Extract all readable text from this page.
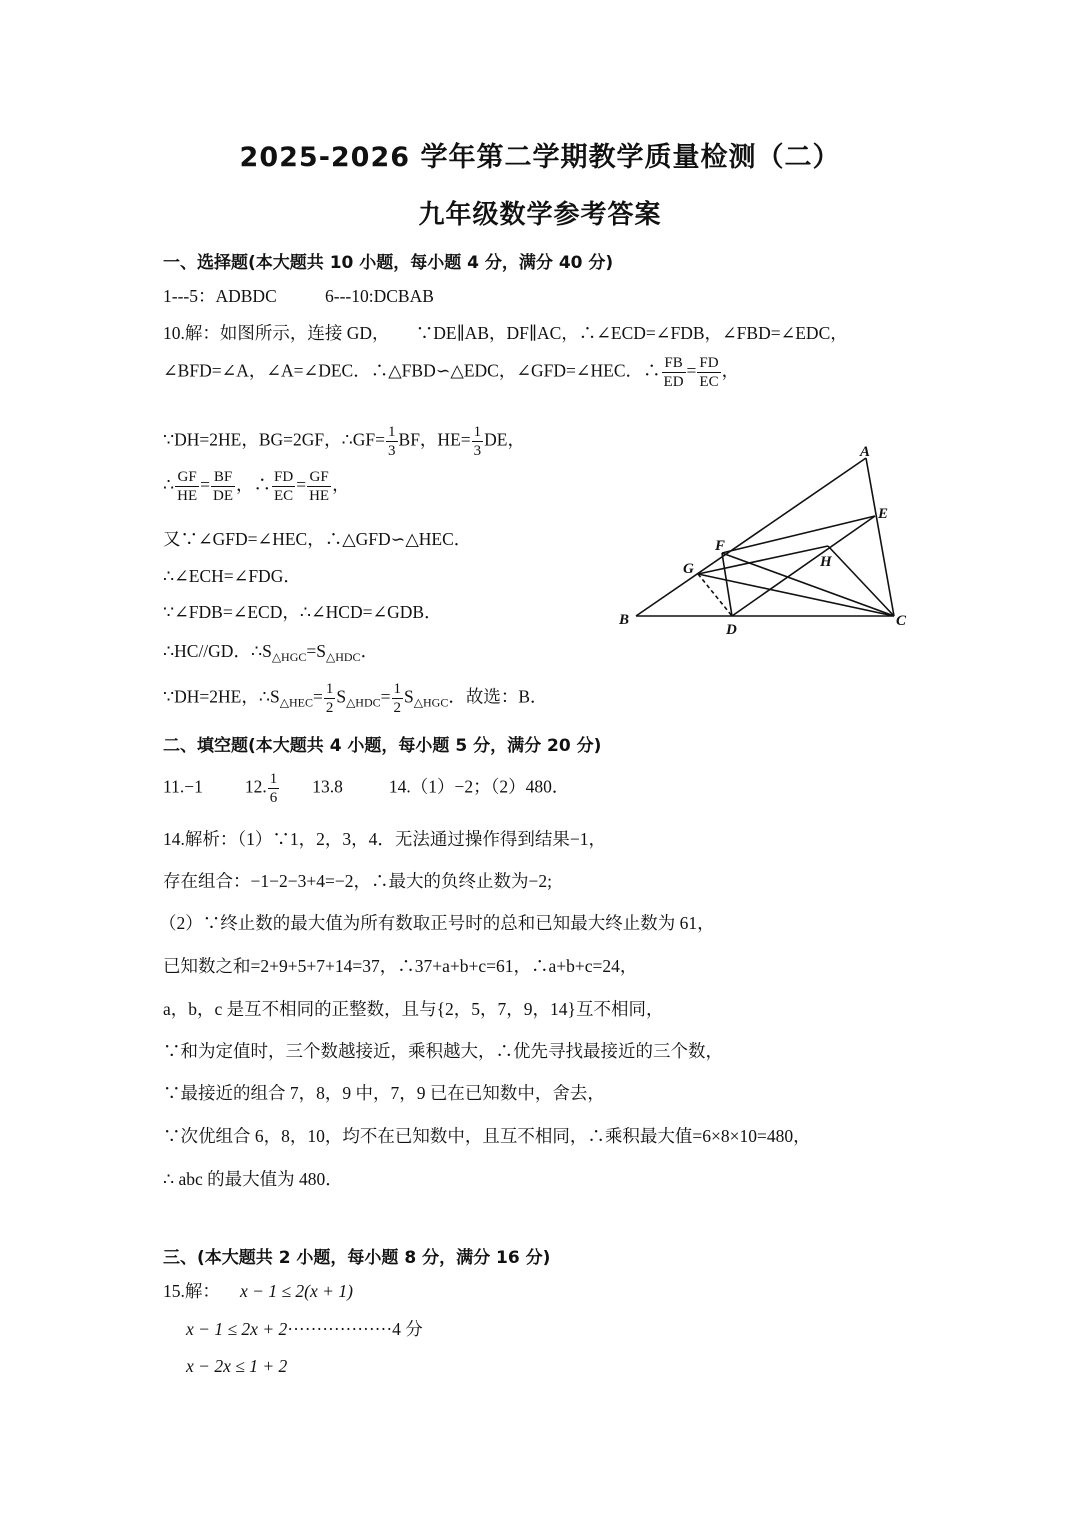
2025-2026 学年第二学期教学质量检测（二）
九年级数学参考答案
一、选择题(本大题共 10 小题，每小题 4 分，满分 40 分)
1---5：ADBDC	6---10:DCBAB
10.解：如图所示，连接 GD，　　∵DE∥AB，DF∥AC，∴∠ECD=∠FDB，∠FBD=∠EDC，
∠BFD=∠A，∠A=∠DEC．∴△FBD∽△EDC，∠GFD=∠HEC．∴ $\frac{FB}{ED} = \frac{FD}{EC}$ ，
∵DH=2HE，BG=2GF，∴GF= $\frac{1}{3}$ BF，$HE= \frac{1}{3}$ DE，
∴ $\frac{GF}{HE} = \frac{BF}{DE}$ ，∴ $\frac{FD}{EC} = \frac{GF}{HE}$ ，
又∵∠GFD=∠HEC，∴△GFD∽△HEC．
∴∠ECH=∠FDG．
∵∠FDB=∠ECD，∴∠HCD=∠GDB．
∴HC//GD．$\therefore S_{\triangle HGC}=S_{\triangle HDC}$．
∵DH=2HE，$\therefore S_{\triangle HEC}= \frac{1}{2} S_{\triangle HDC}= \frac{1}{2} S_{\triangle HGC}$．故选：B．
A
E
F
G	H
B
D
C
二、填空题(本大题共 4 小题，每小题 5 分，满分 20 分)
11.−1 12. $\frac{1}{6} 13.8$	14.（1）−2；（2）480．
14.解析：（1）∵1，2，3，4．无法通过操作得到结果−1，
存在组合：−1−2−3+4=−2，∴最大的负终止数为−2;
（2）∵终止数的最大值为所有数取正号时的总和已知最大终止数为 61，
已知数之和=2+9+5+7+14=37，∴37+a+b+c=61，∴a+b+c=24，
a，b，c 是互不相同的正整数，且与{2，5，7，9，14}互不相同，
∵和为定值时，三个数越接近，乘积越大，∴优先寻找最接近的三个数，
∵最接近的组合 7，8，9 中，7，9 已在已知数中，舍去，
∵次优组合 6，8，10，均不在已知数中，且互不相同，∴乘积最大值=6×8×10=480，
∴ abc 的最大值为 480．
三、(本大题共 2 小题，每小题 8 分，满分 16 分)
15.解： x − 1 ≤ 2(x + 1)
x − 1 ≤ 2x + 2··················4 分
x − 2x ≤ 1 + 2
